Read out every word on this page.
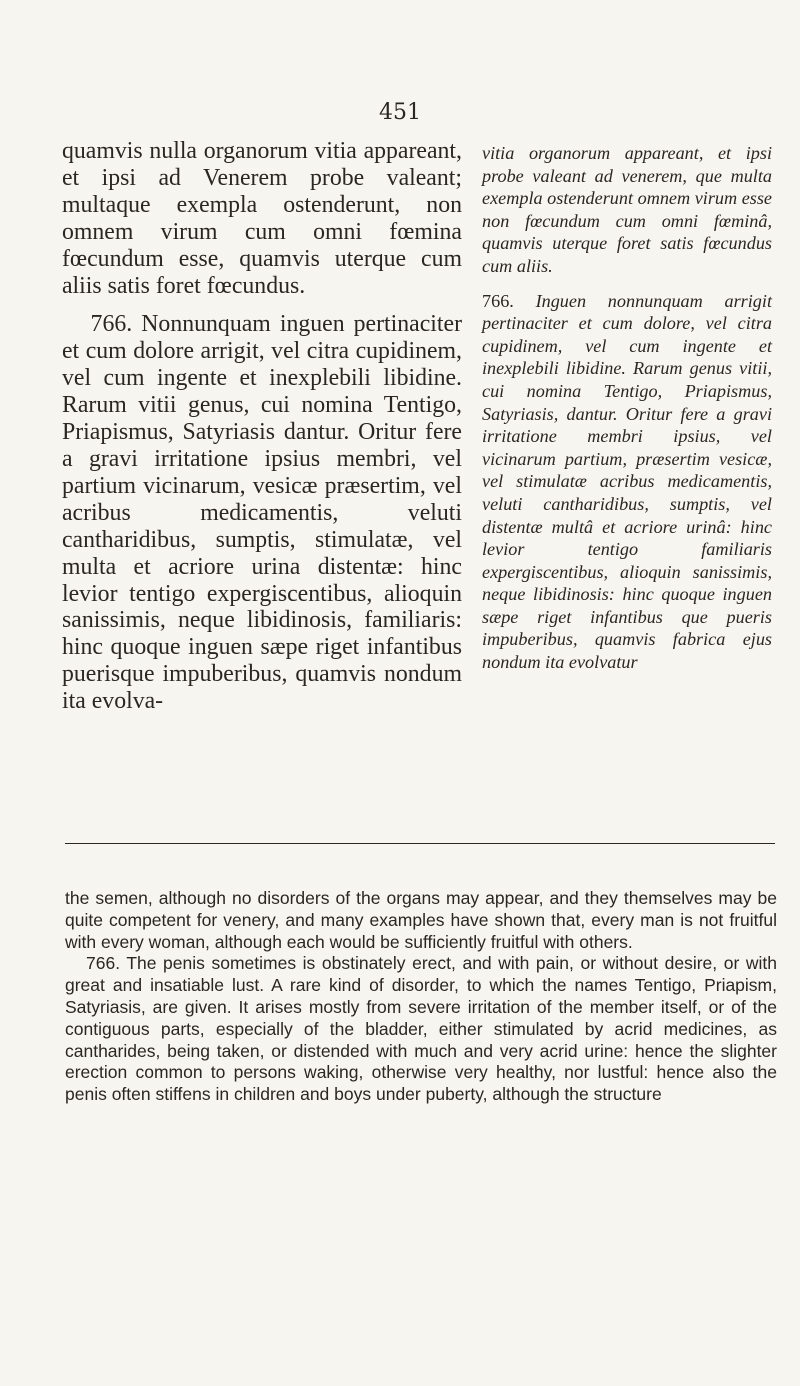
451

quamvis nulla organorum vitia appareant, et ipsi ad Venerem probe valeant; multaque exempla ostenderunt, non omnem virum cum omni fœmina fœcundum esse, quamvis uterque cum aliis satis foret fœcundus.

766. Nonnunquam inguen pertinaciter et cum dolore arrigit, vel citra cupidinem, vel cum ingente et inexplebili libidine. Rarum vitii genus, cui nomina Tentigo, Priapismus, Satyriasis dantur. Oritur fere a gravi irritatione ipsius membri, vel partium vicinarum, vesicæ præsertim, vel acribus medicamentis, veluti cantharidibus, sumptis, stimulatæ, vel multa et acriore urina distentæ: hinc levior tentigo expergiscentibus, alioquin sanissimis, neque libidinosis, familiaris: hinc quoque inguen sæpe riget infantibus puerisque impuberibus, quamvis nondum ita evolva-

vitia organorum appareant, et ipsi probe valeant ad venerem, que multa exempla ostenderunt omnem virum esse non fœcundum cum omni fœminâ, quamvis uterque foret satis fœcundus cum aliis.

766. Inguen nonnunquam arrigit pertinaciter et cum dolore, vel citra cupidinem, vel cum ingente et inexplebili libidine. Rarum genus vitii, cui nomina Tentigo, Priapismus, Satyriasis, dantur. Oritur fere a gravi irritatione membri ipsius, vel vicinarum partium, præsertim vesicæ, vel stimulatæ acribus medicamentis, veluti cantharidibus, sumptis, vel distentæ multâ et acriore urinâ: hinc levior tentigo familiaris expergiscentibus, alioquin sanissimis, neque libidinosis: hinc quoque inguen sæpe riget infantibus que pueris impuberibus, quamvis fabrica ejus nondum ita evolvatur

the semen, although no disorders of the organs may appear, and they themselves may be quite competent for venery, and many examples have shown that, every man is not fruitful with every woman, although each would be sufficiently fruitful with others.

766. The penis sometimes is obstinately erect, and with pain, or without desire, or with great and insatiable lust. A rare kind of disorder, to which the names Tentigo, Priapism, Satyriasis, are given. It arises mostly from severe irritation of the member itself, or of the contiguous parts, especially of the bladder, either stimulated by acrid medicines, as cantharides, being taken, or distended with much and very acrid urine: hence the slighter erection common to persons waking, otherwise very healthy, nor lustful: hence also the penis often stiffens in children and boys under puberty, although the structure
